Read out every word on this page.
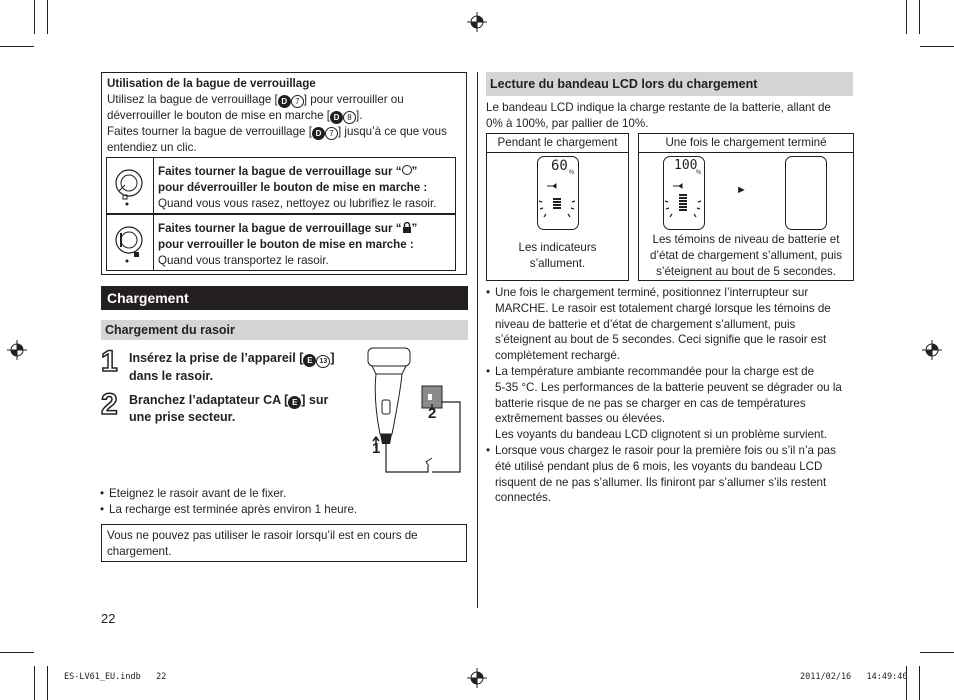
Utilisation de la bague de verrouillage
Utilisez la bague de verrouillage [ D 7 ] pour verrouiller ou
déverrouiller le bouton de mise en marche [ D 8 ].
Faites tourner la bague de verrouillage [ D 7 ] jusqu’à ce que vous
entendiez un clic.
Faites tourner la bague de verrouillage sur “ ”
pour déverrouiller le bouton de mise en marche :
Quand vous vous rasez, nettoyez ou lubrifiez le rasoir.
Faites tourner la bague de verrouillage sur “ ”
pour verrouiller le bouton de mise en marche :
Quand vous transportez le rasoir.
Chargement
Chargement du rasoir
1 Insérez la prise de l’appareil [ E 13 ]
dans le rasoir.
2 Branchez l’adaptateur CA [ E ] sur
une prise secteur.
1
2
• Eteignez le rasoir avant de le fixer.
• La recharge est terminée après environ 1 heure.
Vous ne pouvez pas utiliser le rasoir lorsqu’il est en cours de
chargement.
22
Lecture du bandeau LCD lors du chargement
Le bandeau LCD indique la charge restante de la batterie, allant de
0% à 100%, par pallier de 10%.
Pendant le chargement
60 %
Les indicateurs
s’allument.
Une fois le chargement terminé
100
%
►
Les témoins de niveau de batterie et
d’état de chargement s’allument, puis
s’éteignent au bout de 5 secondes.
• Une fois le chargement terminé, positionnez l’interrupteur sur
MARCHE. Le rasoir est totalement chargé lorsque les témoins de
niveau de batterie et d’état de chargement s’allument, puis
s’éteignent au bout de 5 secondes. Ceci signifie que le rasoir est
complètement rechargé.
• La température ambiante recommandée pour la charge est de
5-35 °C. Les performances de la batterie peuvent se dégrader ou la
batterie risque de ne pas se charger en cas de températures
extrêmement basses ou élevées.
Les voyants du bandeau LCD clignotent si un problème survient.
• Lorsque vous chargez le rasoir pour la première fois ou s’il n’a pas
été utilisé pendant plus de 6 mois, les voyants du bandeau LCD
risquent de ne pas s’allumer. Ils finiront par s’allumer s’ils restent
connectés.
ES-LV61_EU.indb   22	2011/02/16   14:49:40
